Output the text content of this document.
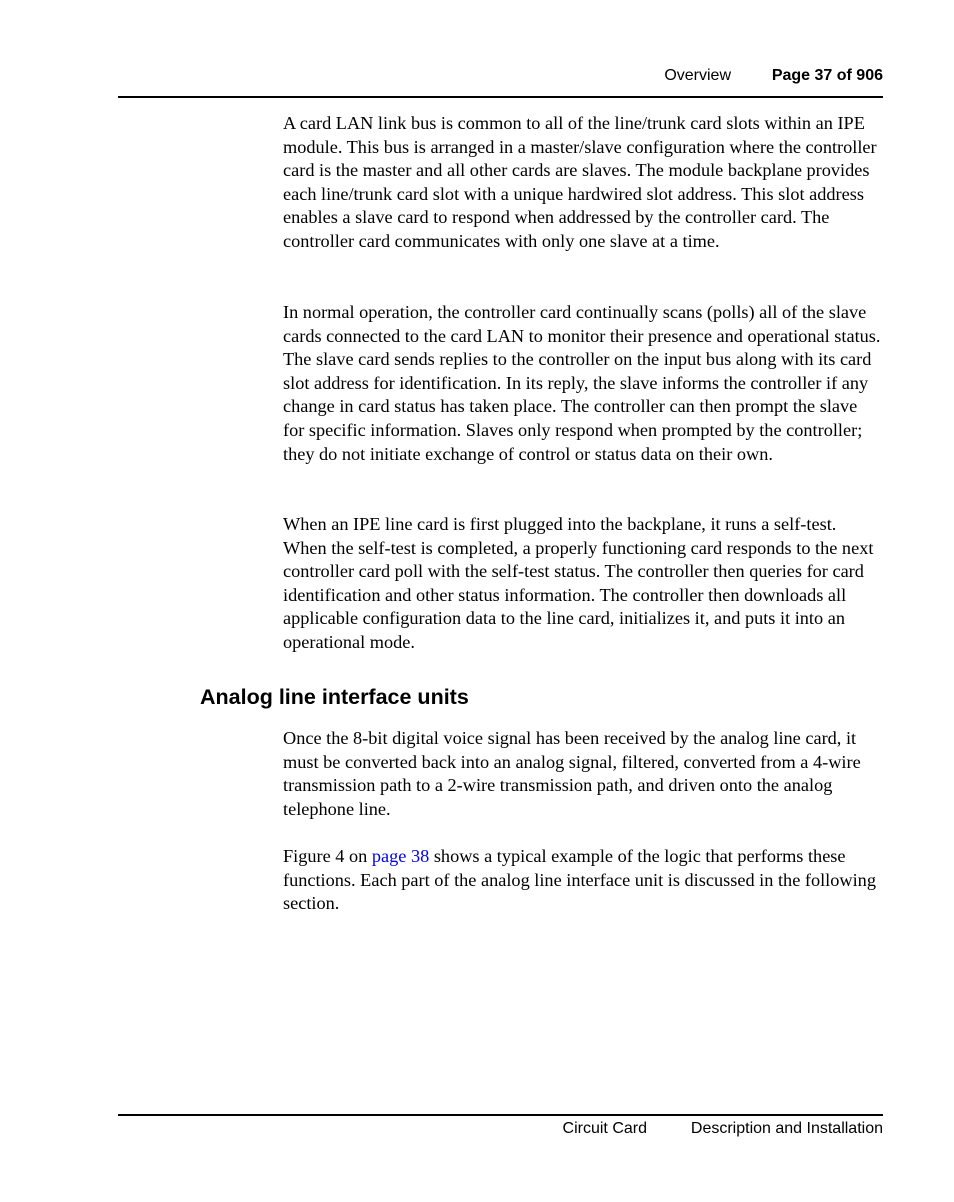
Overview	Page 37 of 906

A card LAN link bus is common to all of the line/trunk card slots within an IPE module. This bus is arranged in a master/slave configuration where the controller card is the master and all other cards are slaves. The module backplane provides each line/trunk card slot with a unique hardwired slot address. This slot address enables a slave card to respond when addressed by the controller card. The controller card communicates with only one slave at a time.

In normal operation, the controller card continually scans (polls) all of the slave cards connected to the card LAN to monitor their presence and operational status. The slave card sends replies to the controller on the input bus along with its card slot address for identification. In its reply, the slave informs the controller if any change in card status has taken place. The controller can then prompt the slave for specific information. Slaves only respond when prompted by the controller; they do not initiate exchange of control or status data on their own.

When an IPE line card is first plugged into the backplane, it runs a self-test. When the self-test is completed, a properly functioning card responds to the next controller card poll with the self-test status. The controller then queries for card identification and other status information. The controller then downloads all applicable configuration data to the line card, initializes it, and puts it into an operational mode.

Analog line interface units

Once the 8-bit digital voice signal has been received by the analog line card, it must be converted back into an analog signal, filtered, converted from a 4-wire transmission path to a 2-wire transmission path, and driven onto the analog telephone line.

Figure 4 on page 38 shows a typical example of the logic that performs these functions. Each part of the analog line interface unit is discussed in the following section.

Circuit Card	Description and Installation
